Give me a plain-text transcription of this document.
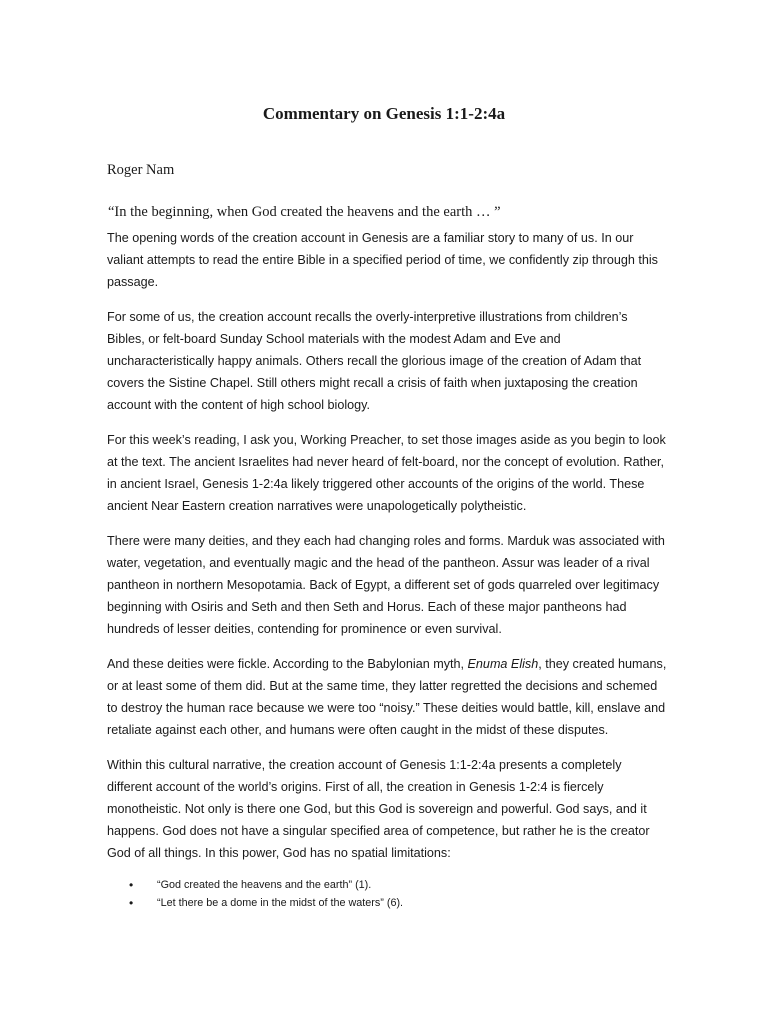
Commentary on Genesis 1:1-2:4a

Roger Nam

“In the beginning, when God created the heavens and the earth … ”

The opening words of the creation account in Genesis are a familiar story to many of us. In our valiant attempts to read the entire Bible in a specified period of time, we confidently zip through this passage.

For some of us, the creation account recalls the overly-interpretive illustrations from children’s Bibles, or felt-board Sunday School materials with the modest Adam and Eve and uncharacteristically happy animals. Others recall the glorious image of the creation of Adam that covers the Sistine Chapel. Still others might recall a crisis of faith when juxtaposing the creation account with the content of high school biology.

For this week’s reading, I ask you, Working Preacher, to set those images aside as you begin to look at the text. The ancient Israelites had never heard of felt-board, nor the concept of evolution. Rather, in ancient Israel, Genesis 1-2:4a likely triggered other accounts of the origins of the world. These ancient Near Eastern creation narratives were unapologetically polytheistic.

There were many deities, and they each had changing roles and forms. Marduk was associated with water, vegetation, and eventually magic and the head of the pantheon. Assur was leader of a rival pantheon in northern Mesopotamia. Back of Egypt, a different set of gods quarreled over legitimacy beginning with Osiris and Seth and then Seth and Horus. Each of these major pantheons had hundreds of lesser deities, contending for prominence or even survival.

And these deities were fickle. According to the Babylonian myth, Enuma Elish, they created humans, or at least some of them did. But at the same time, they latter regretted the decisions and schemed to destroy the human race because we were too “noisy.” These deities would battle, kill, enslave and retaliate against each other, and humans were often caught in the midst of these disputes.

Within this cultural narrative, the creation account of Genesis 1:1-2:4a presents a completely different account of the world’s origins. First of all, the creation in Genesis 1-2:4 is fiercely monotheistic. Not only is there one God, but this God is sovereign and powerful. God says, and it happens. God does not have a singular specified area of competence, but rather he is the creator God of all things. In this power, God has no spatial limitations:

• “God created the heavens and the earth” (1).
• “Let there be a dome in the midst of the waters” (6).
